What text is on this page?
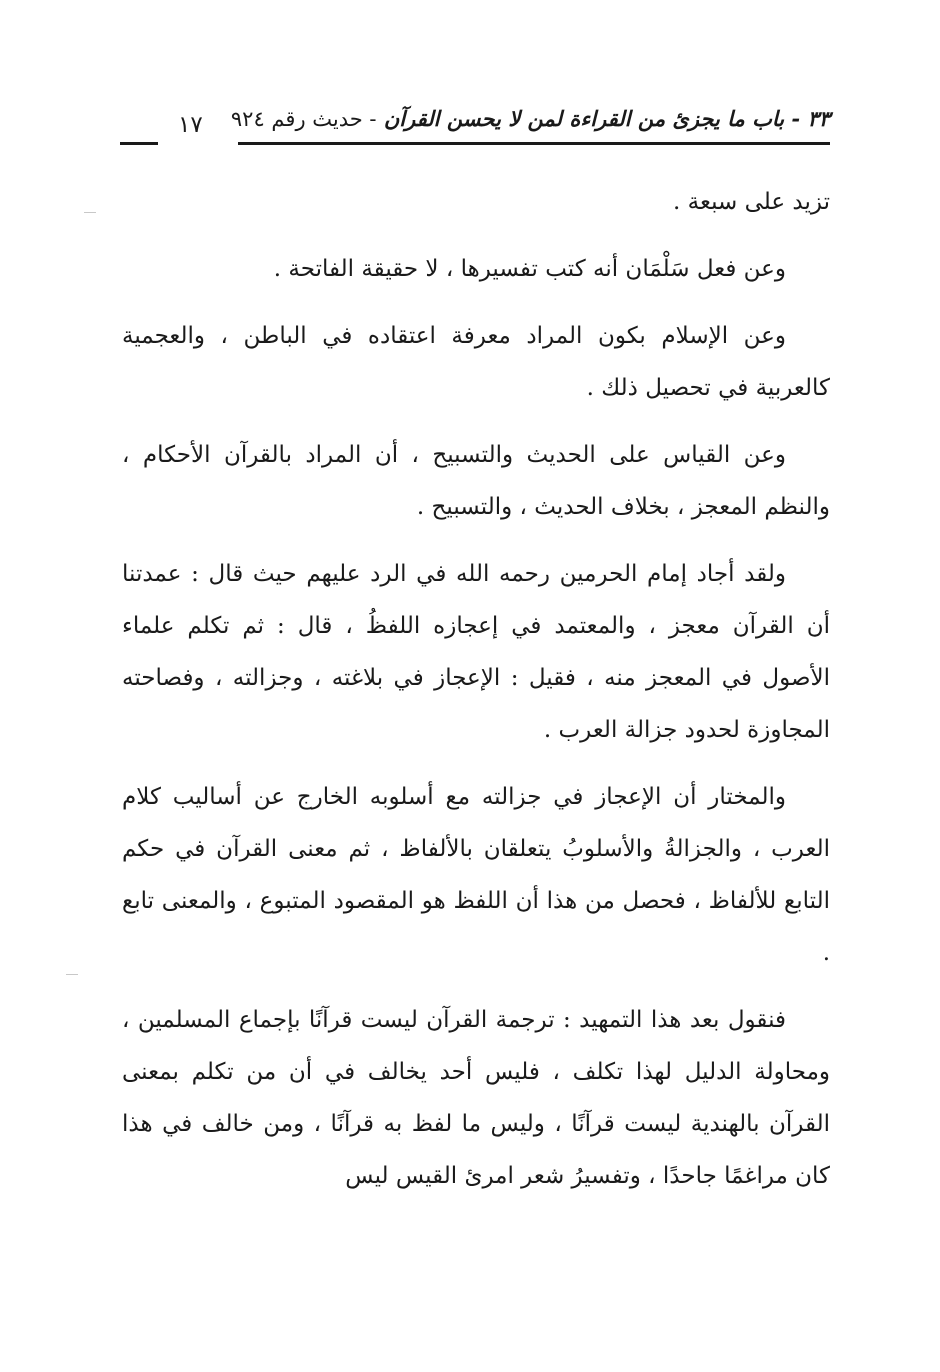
٣٣ - باب ما يجزئ من القراءة لمن لا يحسن القرآن - حديث رقم ٩٢٤
١٧

تزيد على سبعة .

وعن فعل سَلْمَان أنه كتب تفسيرها ، لا حقيقة الفاتحة .

وعن الإسلام بكون المراد معرفة اعتقاده في الباطن ، والعجمية كالعربية في تحصيل ذلك .

وعن القياس على الحديث والتسبيح ، أن المراد بالقرآن الأحكام ، والنظم المعجز ، بخلاف الحديث ، والتسبيح .

ولقد أجاد إمام الحرمين رحمه الله في الرد عليهم حيث قال : عمدتنا أن القرآن معجز ، والمعتمد في إعجازه اللفظُ ، قال : ثم تكلم علماء الأصول في المعجز منه ، فقيل : الإعجاز في بلاغته ، وجزالته ، وفصاحته المجاوزة لحدود جزالة العرب .

والمختار أن الإعجاز في جزالته مع أسلوبه الخارج عن أساليب كلام العرب ، والجزالةُ والأسلوبُ يتعلقان بالألفاظ ، ثم معنى القرآن في حكم التابع للألفاظ ، فحصل من هذا أن اللفظ هو المقصود المتبوع ، والمعنى تابع .

فنقول بعد هذا التمهيد : ترجمة القرآن ليست قرآنًا بإجماع المسلمين ، ومحاولة الدليل لهذا تكلف ، فليس أحد يخالف في أن من تكلم بمعنى القرآن بالهندية ليست قرآنًا ، وليس ما لفظ به قرآنًا ، ومن خالف في هذا كان مراغمًا جاحدًا ، وتفسيرُ شعر امرئ القيس ليس
